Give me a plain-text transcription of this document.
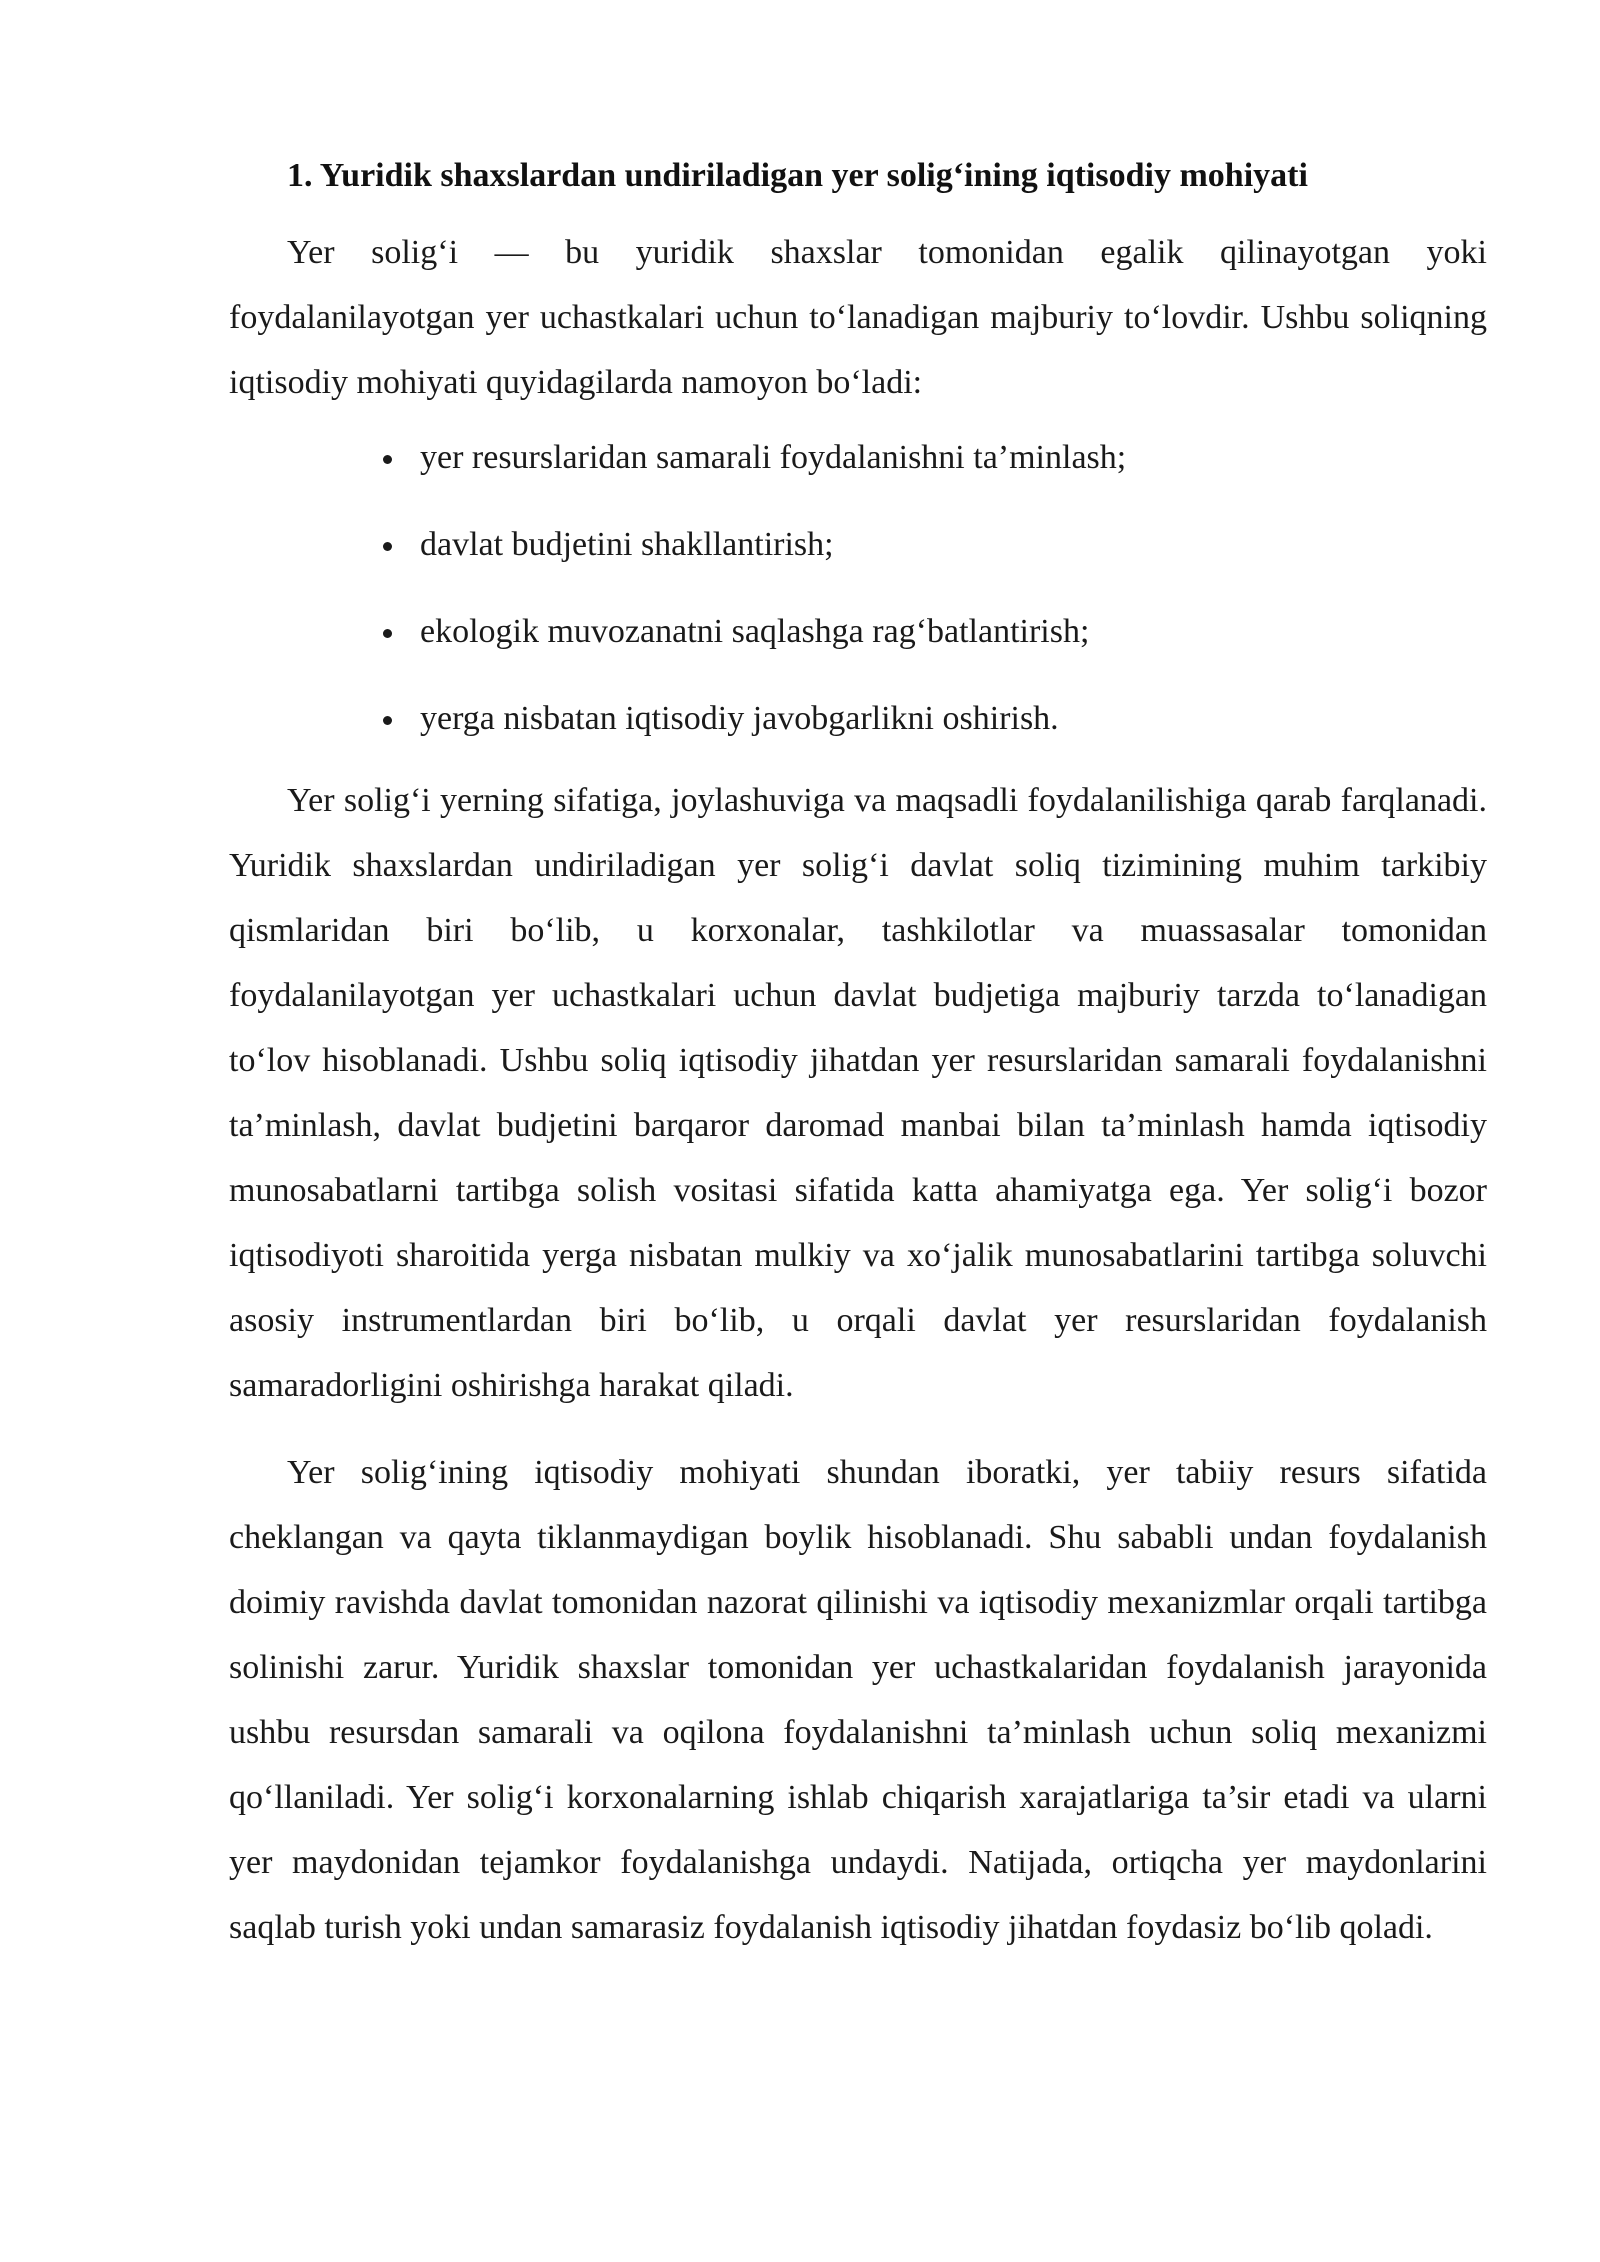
1. Yuridik shaxslardan undiriladigan yer solig‘ining iqtisodiy mohiyati

Yer solig‘i — bu yuridik shaxslar tomonidan egalik qilinayotgan yoki foydalanilayotgan yer uchastkalari uchun to‘lanadigan majburiy to‘lovdir. Ushbu soliqning iqtisodiy mohiyati quyidagilarda namoyon bo‘ladi:

yer resurslaridan samarali foydalanishni ta’minlash;
davlat budjetini shakllantirish;
ekologik muvozanatni saqlashga rag‘batlantirish;
yerga nisbatan iqtisodiy javobgarlikni oshirish.

Yer solig‘i yerning sifatiga, joylashuviga va maqsadli foydalanilishiga qarab farqlanadi. Yuridik shaxslardan undiriladigan yer solig‘i davlat soliq tizimining muhim tarkibiy qismlaridan biri bo‘lib, u korxonalar, tashkilotlar va muassasalar tomonidan foydalanilayotgan yer uchastkalari uchun davlat budjetiga majburiy tarzda to‘lanadigan to‘lov hisoblanadi. Ushbu soliq iqtisodiy jihatdan yer resurslaridan samarali foydalanishni ta’minlash, davlat budjetini barqaror daromad manbai bilan ta’minlash hamda iqtisodiy munosabatlarni tartibga solish vositasi sifatida katta ahamiyatga ega. Yer solig‘i bozor iqtisodiyoti sharoitida yerga nisbatan mulkiy va xo‘jalik munosabatlarini tartibga soluvchi asosiy instrumentlardan biri bo‘lib, u orqali davlat yer resurslaridan foydalanish samaradorligini oshirishga harakat qiladi.

Yer solig‘ining iqtisodiy mohiyati shundan iboratki, yer tabiiy resurs sifatida cheklangan va qayta tiklanmaydigan boylik hisoblanadi. Shu sababli undan foydalanish doimiy ravishda davlat tomonidan nazorat qilinishi va iqtisodiy mexanizmlar orqali tartibga solinishi zarur. Yuridik shaxslar tomonidan yer uchastkalaridan foydalanish jarayonida ushbu resursdan samarali va oqilona foydalanishni ta’minlash uchun soliq mexanizmi qo‘llaniladi. Yer solig‘i korxonalarning ishlab chiqarish xarajatlariga ta’sir etadi va ularni yer maydonidan tejamkor foydalanishga undaydi. Natijada, ortiqcha yer maydonlarini saqlab turish yoki undan samarasiz foydalanish iqtisodiy jihatdan foydasiz bo‘lib qoladi.
